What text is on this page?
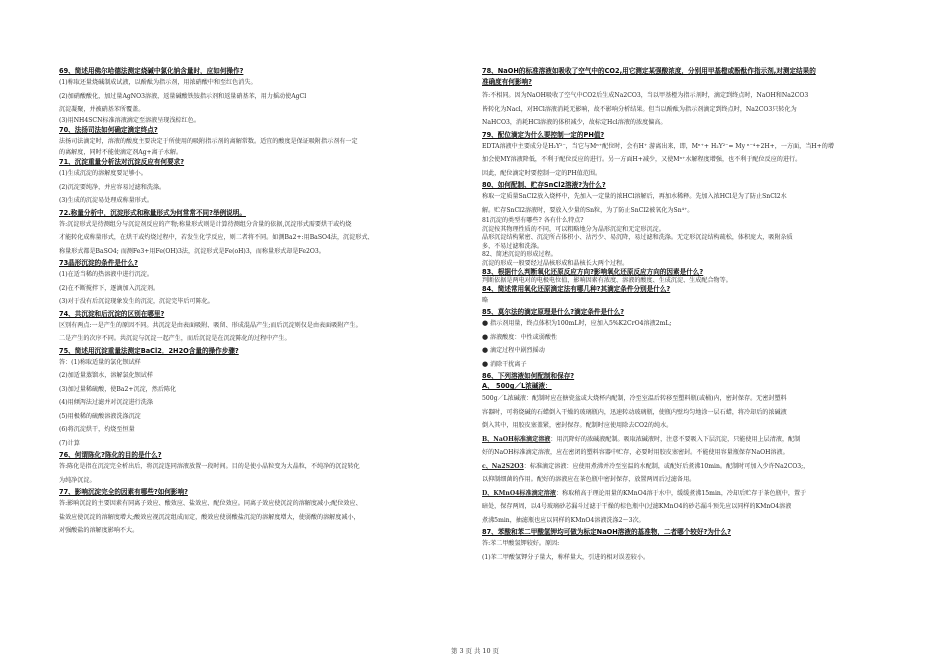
69、简述用佛尔哈德法测定烧碱中氯化钠含量时，应如何操作?
(1)称取还量烧碱制成试液，以酚酞为指示剂，用浓硝酸中和至红色消失。
(2)加硝酸酸化，加过量AgNO3溶液，返量碱酸铁铵指示剂和返量硝基苯，用力摇动使AgCl
沉淀凝聚，并被硝基苯所覆盖。
(3)用NH4SCN标准溶液滴定至溶液呈现浅棕红色。
70、法扬司法如何确定滴定终点?
法扬司法滴定时，溶液的酸度主要决定于所使用的吸附指示剂的离解常数。适宜的酸度是保证吸附指示剂有一定
的离解度，同时不能使滴定剂Ag+离子水解。
71、沉淀重量分析法对沉淀反应有何要求?
(1)生成沉淀的溶解度要足够小。
(2)沉淀要纯净，并应容易过滤和洗涤。
(3)生成的沉淀易处理成称量形式。
72.称量分析中，沉淀形式和称量形式为何常常不同?举例说明。
答:沉淀形式是待测组分与沉淀剂反应的产物;称量形式则是计算待测组分含量的依据,沉淀形式需要烘干或灼烧
才能转化成称量形式，在烘干或灼烧过程中，若发生化学反应，则二者将不同。如测Ba2+:用BaSO4法，沉淀形式、
称量形式都是BaSO4; 而测Fe3+用Fe(OH)3法，沉淀形式是Fe(oH)3，而称量形式却是Fe2O3。
73晶形沉淀的条件是什么?
(1)在适当稀的热溶液中进行沉淀。
(2)在不断搅拌下，逐滴加入沉淀剂。
(3)对于没有后沉淀现象发生的沉淀，沉淀完毕后可陈化。
74、共沉淀和后沉淀的区别在哪里?
区别有两点:一是产生的原因不同。共沉淀是由表面吸附、吸留、形成混晶产生;而后沉淀则仅是由表面吸附产生。
二是产生的次序不同。共沉淀与沉淀一起产生，而后沉淀是在沉淀陈化的过程中产生。
75、简述用沉淀重量法测定BaCl2．2H2O含量的操作步骤?
答：(1)称取适量的氯化钡试样
(2)加适量蒸馏水，溶解氯化钡试样
(3)加过量稀硫酸，使Ba2+沉淀，然后陈化
(4)用倾泻法过滤并对沉淀进行洗涤
(5)用极稀的硫酸溶液洗涤沉淀
(6)将沉淀烘干，灼烧至恒量
(7)计算
76、何谓陈化?陈化的目的是什么?
答:陈化是指在沉淀完全析出后，将沉淀连同溶液放置一段时间。目的是使小晶粒变为大晶粒，不纯净的沉淀转化
为纯净沉淀。
77、影响沉淀完全的因素有哪些?如何影响?
答:影响沉淀的主要因素有同离子效应、酸效应、盐效应、配位效应。同离子效应使沉淀的溶解度减小;配位效应、
盐效应使沉淀的溶解度增大;酸效应视沉淀组成而定，酸效应使弱酸盐沉淀的溶解度增大，使弱酸的溶解度减小，
对强酸盐的溶解度影响不大。
78、NaOH的标准溶液如吸收了空气中的CO2,用它测定某强酸浓度，分别用甲基橙或酚酞作指示剂,对测定结果的
准确度有何影响?
答:不相同。因为NaOH吸收了空气中CO2后生成Na2CO3，当以甲基橙为指示剂时，滴定到终点时，NaOH和Na2CO3
皆转化为Nacl，对HCl溶液消耗无影响，故不影响分析结果。但当以酚酞为指示剂滴定到终点时，Na2CO3只转化为
NaHCO3，消耗HCl溶液的体积减少，故标定Hcl溶液的浓度偏高。
79、配位滴定为什么要控制一定的PH值?
EDTA溶液中主要成分是H₂Y²⁻，当它与Mⁿ⁺配位时，会有H⁺ 游离出来，即，Mⁿ⁺+ H₂Y²⁻= My ⁿ⁻⁴+2H+，一方面，当H+的增
加会使MY溶液降低，不利于配位反应的进行。另一方面H+减少，又使Mⁿ⁺水解程度增强，也不利于配位反应的进行。
因此，配位滴定时要控制一定的PH值范围。
80、如何配制、贮存SnCl2溶液?为什么?
称取一定质量SnCl2放入烧杯中，先加入一定量的浓HCl溶解后，再加水稀释。先加入浓HCl是为了防止SnCl2水
解。贮存SnCl2溶液时，要放入少量的Sn粒，为了防止SnCl2被氧化为Sn⁴⁺。
81沉淀的类型有哪些? 各有什么特点?
沉淀按其物理性质的不同，可以粗略地分为晶形沉淀和无定形沉淀。
晶形沉淀结构紧密、沉淀所占体积小、沾污少、易沉降，易过滤和洗涤。无定形沉淀结构疏松，体积庞大，吸附杂质
多，不易过滤和洗涤。
82、简述沉淀的形成过程。
沉淀的形成一般要经过晶核形成和晶核长大两个过程。
83、根据什么判断氧化还原反应方向?影响氧化还原反应方向的因素是什么?
判断依据是两电对的电极电位值，影响因素有浓度、溶液的酸度、生成沉淀、生成配合物等。
84、简述常用氧化还原滴定法有哪几种?其滴定条件分别是什么?
略
85、莫尔法的滴定原理是什么?滴定条件是什么?
● 指示剂用量，终点体积为100mL时，应加入5%K2CrO4溶液2mL;
● 溶液酸度：中性或弱酸性
● 滴定过程中剧烈摇动
● 消除干扰离子
86、下列溶液如何配制和保存?
A、 500g／L浓碱液：
500g／L浓碱液：配制时应在搪瓷盆或大烧杯内配制，冷至室温后转移至塑料瓶(或桶)内，密封保存。无密封塑料
容器时，可将烧碱的石蜡倒入干燥的玻璃瓶内，迅速转动玻璃瓶，使瓶内壁均匀地涂一层石蜡，将冷却后的浓碱液
倒入其中，用胶皮塞盖紧，密封保存。配制时应使用除去CO2的纯水。
B、NaOH标准滴定溶液：用沉降好的浓碱液配制。吸取浓碱液时，注意不要吸入下层沉淀，只能使用上层清液，配制
好的NaOH标准滴定溶液，应在密闭的塑料容器中贮存，必要时用胶皮塞密封。不能使用容量瓶保存NaOH溶液。
c、Na2S2O3：标准滴定溶液：应使用煮沸并冷至室温的水配制，或配好后煮沸10min。配制时可加入少许Na2CO3;，
以抑制细菌的作用。配好的溶液应在茶色瓶中密封保存，放置两周后过滤备用。
D、KMnO4标准滴定溶液：称取稍高于理论用量的KMnO4溶于水中，缓缓煮沸15min，冷却后贮存于茶色瓶中，置于
暗处，保存两周，以4号玻璃砂芯漏斗过滤于干燥的棕色瓶中(过滤KMnO4的砂芯漏斗预先应以同样的KMnO4溶液
煮沸5min，抽滤瓶也应以同样的KMnO4溶液洗涤2～3次。
87、苯酸和苯二甲酸氢钾均可做为标定NaOH溶液的基准物，二者哪个较好?为什么?
答:苯二甲酸氢钾较好。原因:
(1)苯二甲酸氢钾分子量大，称样量大，引进的相对误差较小。
第 3 页 共 10 页
